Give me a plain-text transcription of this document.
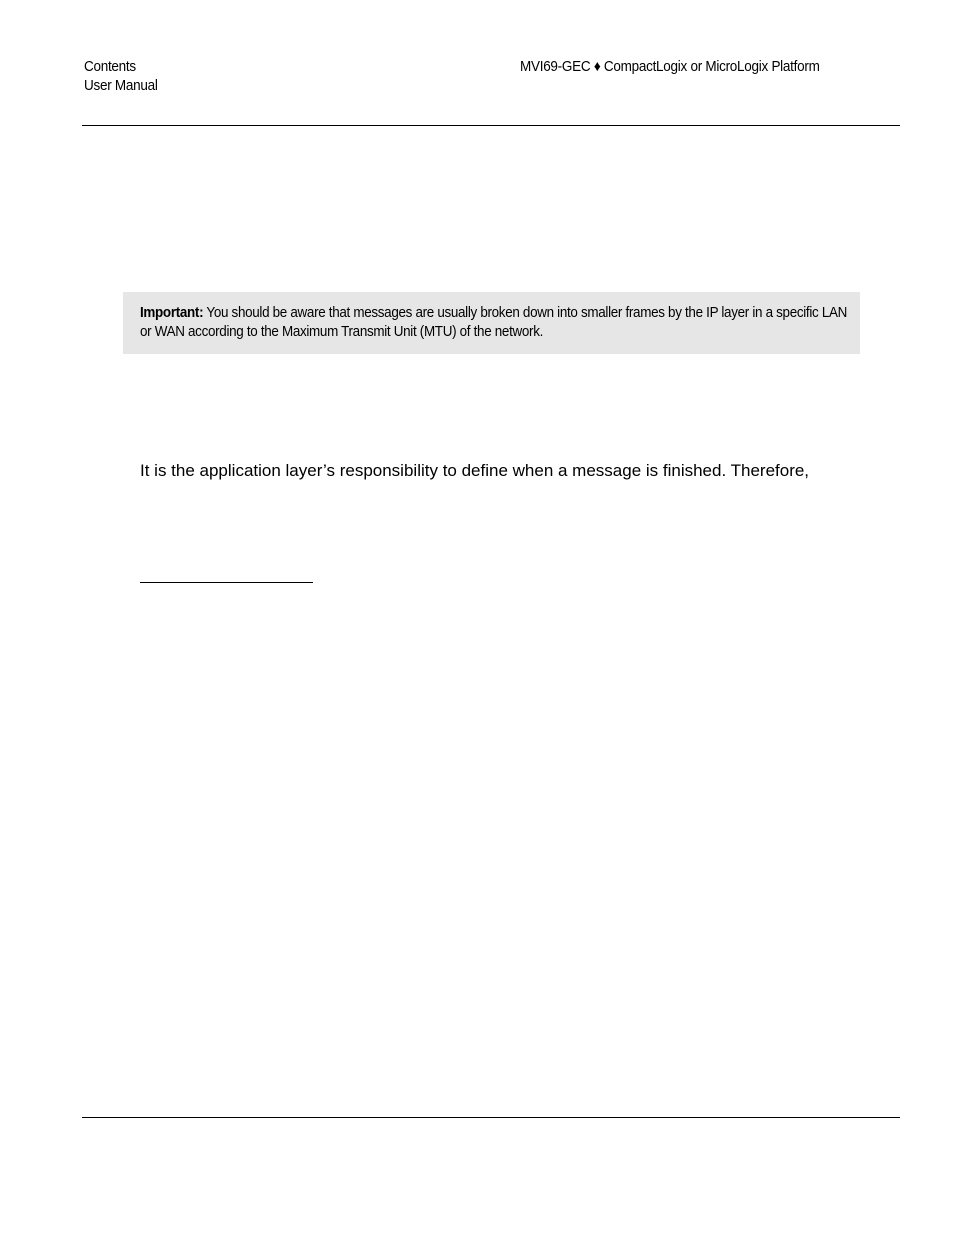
Contents
User Manual
MVI69-GEC ♦ CompactLogix or MicroLogix Platform
Important: You should be aware that messages are usually broken down into smaller frames by the IP layer in a specific LAN or WAN according to the Maximum Transmit Unit (MTU) of the network.
It is the application layer’s responsibility to define when a message is finished. Therefore,
